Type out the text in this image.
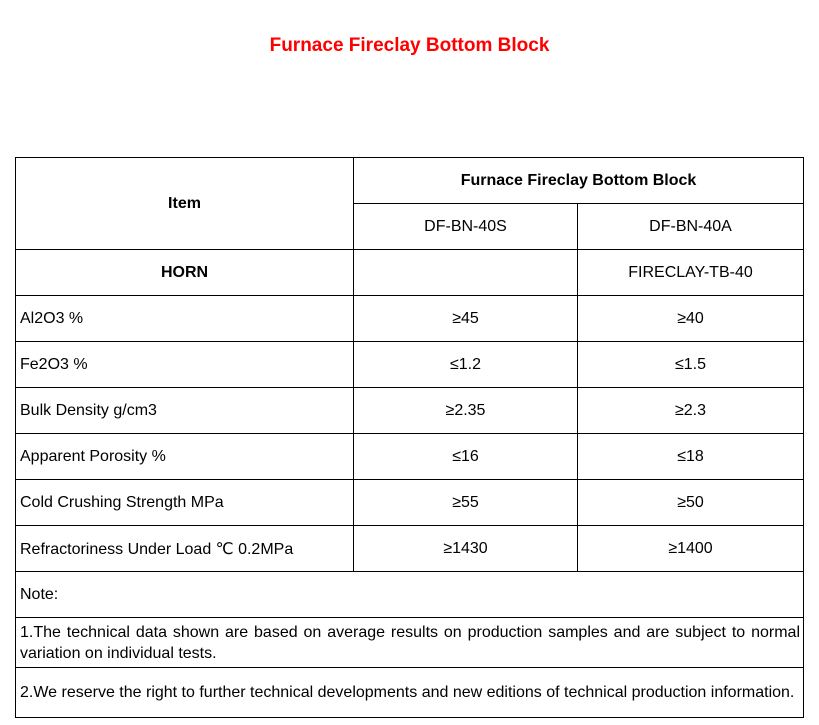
Furnace Fireclay Bottom Block
Item	Furnace Fireclay Bottom Block	
	DF-BN-40S	DF-BN-40A
HORN		FIRECLAY-TB-40
Al2O3 %	≥45	≥40
Fe2O3 %	≤1.2	≤1.5
Bulk Density g/cm3	≥2.35	≥2.3
Apparent Porosity %	≤16	≤18
Cold Crushing Strength MPa	≥55	≥50
Refractoriness Under Load ℃ 0.2MPa	≥1430	≥1400
Note:		
1.The technical data shown are based on average results on production samples and are subject to normal variation on individual tests.		
2.We reserve the right to further technical developments and new editions of technical production information.		
